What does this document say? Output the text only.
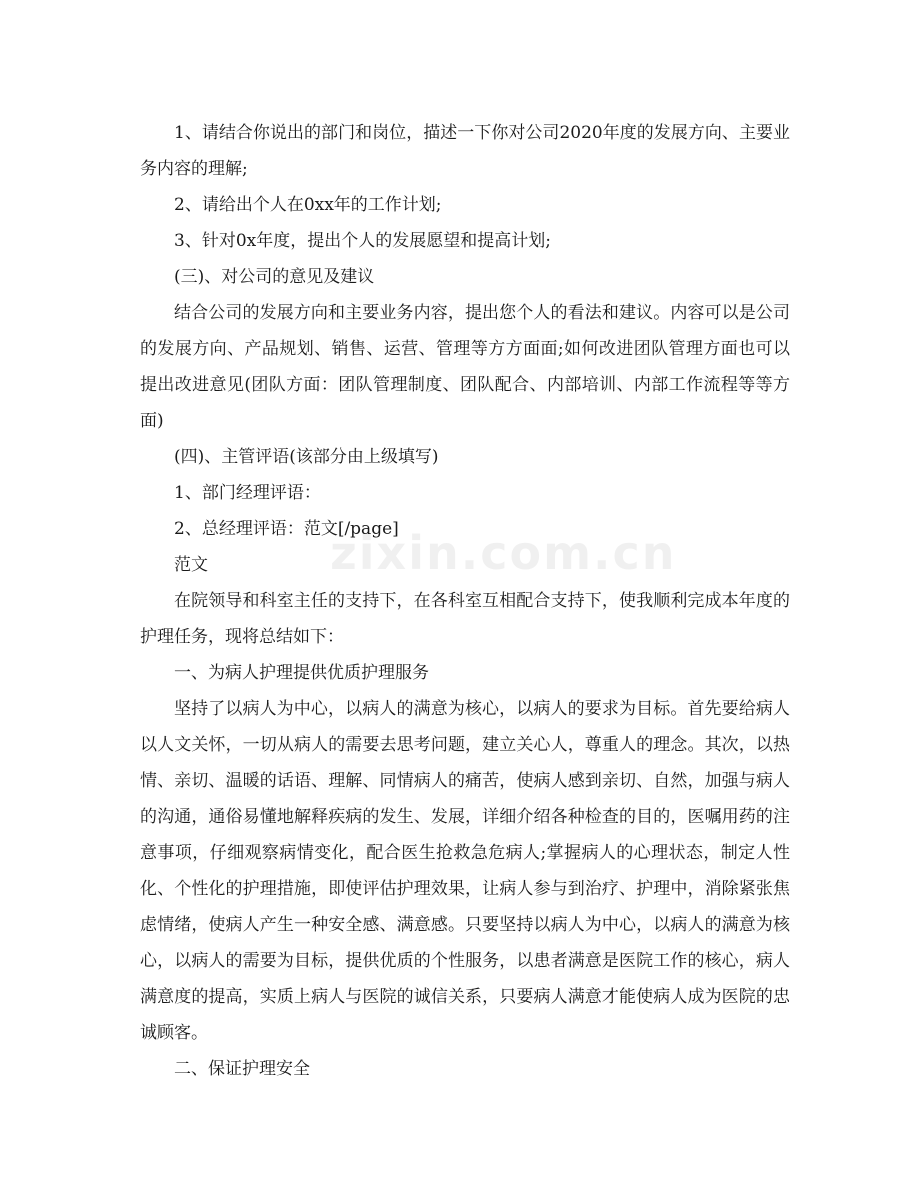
1、请结合你说出的部门和岗位，描述一下你对公司2020年度的发展方向、主要业务内容的理解;

2、请给出个人在0xx年的工作计划;

3、针对0x年度，提出个人的发展愿望和提高计划;

(三)、对公司的意见及建议

结合公司的发展方向和主要业务内容，提出您个人的看法和建议。内容可以是公司的发展方向、产品规划、销售、运营、管理等方方面面;如何改进团队管理方面也可以提出改进意见(团队方面：团队管理制度、团队配合、内部培训、内部工作流程等等方面)

(四)、主管评语(该部分由上级填写)

1、部门经理评语：

2、总经理评语：范文[/page]

范文

在院领导和科室主任的支持下，在各科室互相配合支持下，使我顺利完成本年度的护理任务，现将总结如下：

一、为病人护理提供优质护理服务

坚持了以病人为中心，以病人的满意为核心，以病人的要求为目标。首先要给病人以人文关怀，一切从病人的需要去思考问题，建立关心人，尊重人的理念。其次，以热情、亲切、温暖的话语、理解、同情病人的痛苦，使病人感到亲切、自然，加强与病人的沟通，通俗易懂地解释疾病的发生、发展，详细介绍各种检查的目的，医嘱用药的注意事项，仔细观察病情变化，配合医生抢救急危病人;掌握病人的心理状态，制定人性化、个性化的护理措施，即使评估护理效果，让病人参与到治疗、护理中，消除紧张焦虑情绪，使病人产生一种安全感、满意感。只要坚持以病人为中心，以病人的满意为核心，以病人的需要为目标，提供优质的个性服务，以患者满意是医院工作的核心，病人满意度的提高，实质上病人与医院的诚信关系，只要病人满意才能使病人成为医院的忠诚顾客。

二、保证护理安全

zixin.com.cn
